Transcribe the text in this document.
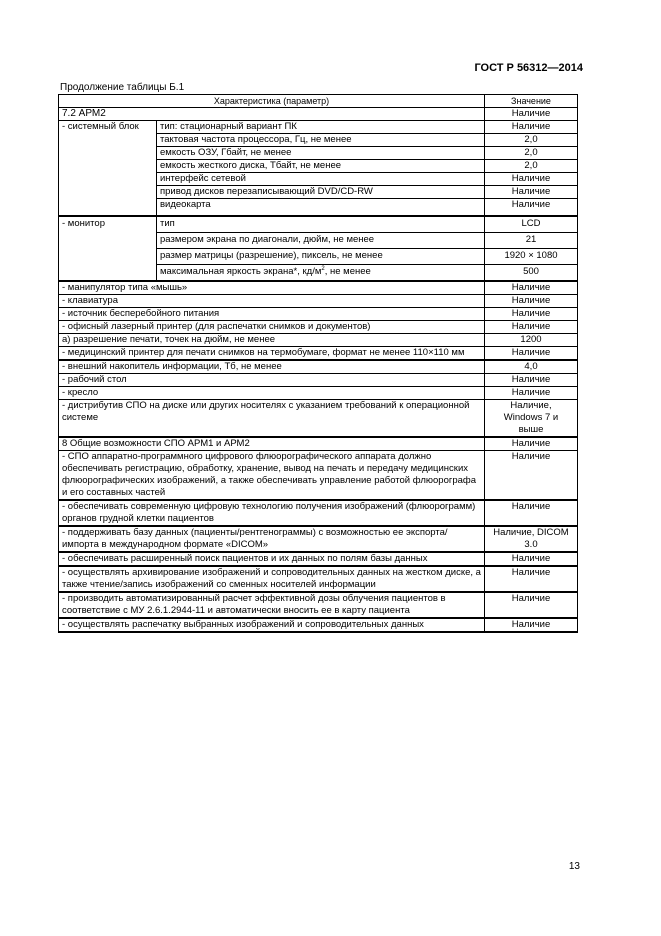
ГОСТ Р 56312—2014
Продолжение таблицы Б.1
Характеристика (параметр)		Значение
7.2 АРМ2		Наличие
- системный блок	тип: стационарный вариант ПК	Наличие
	тактовая частота процессора, Гц, не менее	2,0
	емкость ОЗУ, Гбайт, не менее	2,0
	емкость жесткого диска, Тбайт, не менее	2,0
	интерфейс сетевой	Наличие
	привод дисков перезаписывающий DVD/CD-RW	Наличие
	видеокарта	Наличие
- монитор	тип	LCD
	размером экрана по диагонали, дюйм, не менее	21
	размер матрицы (разрешение), пиксель, не менее	1920 × 1080
	максимальная яркость экрана*, $кд/м^2$, не менее	500
- манипулятор типа «мышь»		Наличие
- клавиатура		Наличие
- источник бесперебойного питания		Наличие
- офисный лазерный принтер (для распечатки снимков и документов)		Наличие
а) разрешение печати, точек на дюйм, не менее		1200
- медицинский принтер для печати снимков на термобумаге, формат не менее 110×110 мм		Наличие
- внешний накопитель информации, Тб, не менее		4,0
- рабочий стол		Наличие
- кресло		Наличие
- дистрибутив СПО на диске или других носителях с указанием требований к операционной системе		Наличие, Windows 7 и выше
8 Общие возможности СПО АРМ1 и АРМ2		Наличие
- СПО аппаратно-программного цифрового флюорографического аппарата должно обеспечивать регистрацию, обработку, хранение, вывод на печать и передачу медицинских флюорографических изображений, а также обеспечивать управление работой флюорографа и его составных частей		Наличие
- обеспечивать современную цифровую технологию получения изображений (флюорограмм) органов грудной клетки пациентов		Наличие
- поддерживать базу данных (пациенты/рентгенограммы) с возможностью ее экспорта/импорта в международном формате «DICOM»		Наличие, DICOM 3.0
- обеспечивать расширенный поиск пациентов и их данных по полям базы данных		Наличие
- осуществлять архивирование изображений и сопроводительных данных на жестком диске, а также чтение/запись изображений со сменных носителей информации		Наличие
- производить автоматизированный расчет эффективной дозы облучения пациентов в соответствие с МУ 2.6.1.2944-11 и автоматически вносить ее в карту пациента		Наличие
- осуществлять распечатку выбранных изображений и сопроводительных данных		Наличие
13
